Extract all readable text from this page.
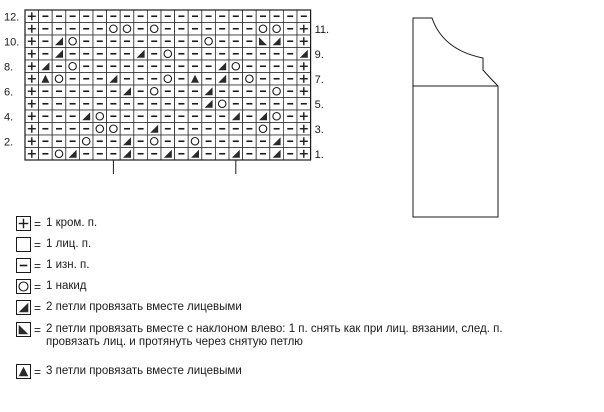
12.
10.
8.
6.
4.
2.
11.
9.
7.
5.
3.
1.
= 1 кром. п.
= 1 лиц. п.
= 1 изн. п.
= 1 накид
= 2 петли провязать вместе лицевыми
= 2 петли провязать вместе с наклоном влево: 1 п. снять как при лиц. вязании, след. п.
провязать лиц. и протянуть через снятую петлю
= 3 петли провязать вместе лицевыми
